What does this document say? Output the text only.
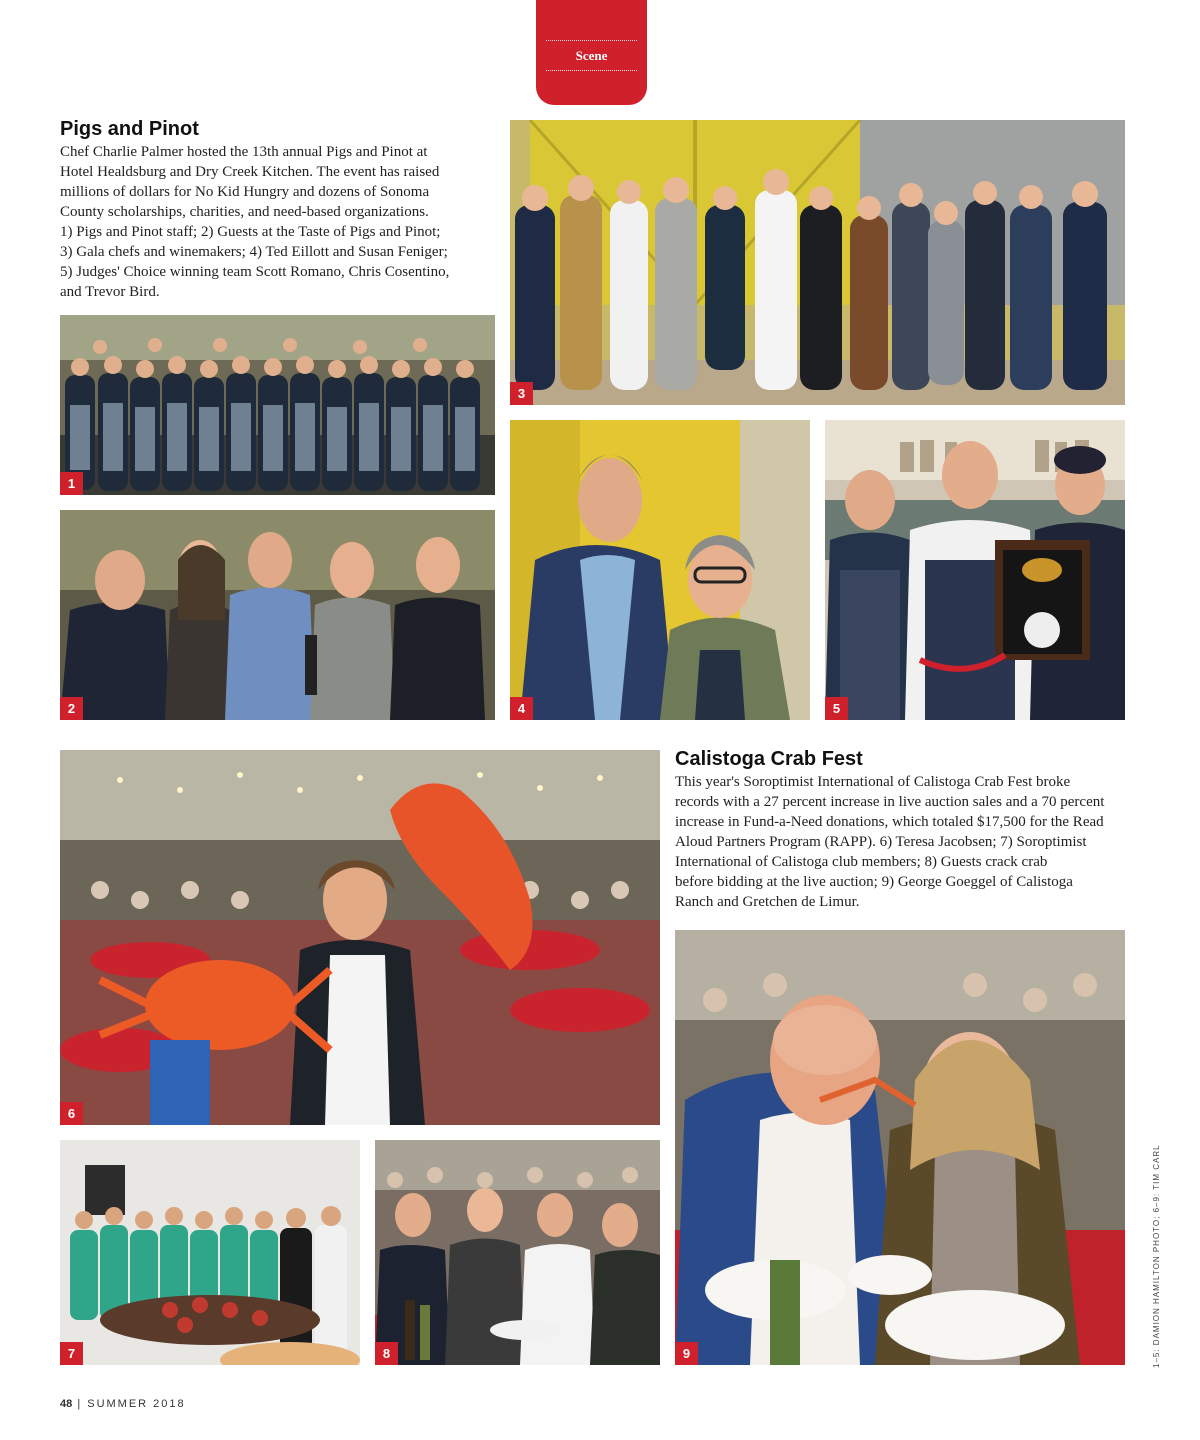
Scene
Pigs and Pinot
Chef Charlie Palmer hosted the 13th annual Pigs and Pinot at
Hotel Healdsburg and Dry Creek Kitchen. The event has raised
millions of dollars for No Kid Hungry and dozens of Sonoma
County scholarships, charities, and need-based organizations.
1) Pigs and Pinot staff; 2) Guests at the Taste of Pigs and Pinot;
3) Gala chefs and winemakers; 4) Ted Eillott and Susan Feniger;
5) Judges' Choice winning team Scott Romano, Chris Cosentino,
and Trevor Bird.
3
1
4	5
2
6
Calistoga Crab Fest
This year's Soroptimist International of Calistoga Crab Fest broke
records with a 27 percent increase in live auction sales and a 70 percent
increase in Fund-a-Need donations, which totaled $17,500 for the Read
Aloud Partners Program (RAPP). 6) Teresa Jacobsen; 7) Soroptimist
International of Calistoga club members; 8) Guests crack crab
before bidding at the live auction; 9) George Goeggel of Calistoga
Ranch and Gretchen de Limur.
9
7	8	1–5: DAMION HAMILTON PHOTO; 6–9: TIM CARL
48 | SUMMER 2018
